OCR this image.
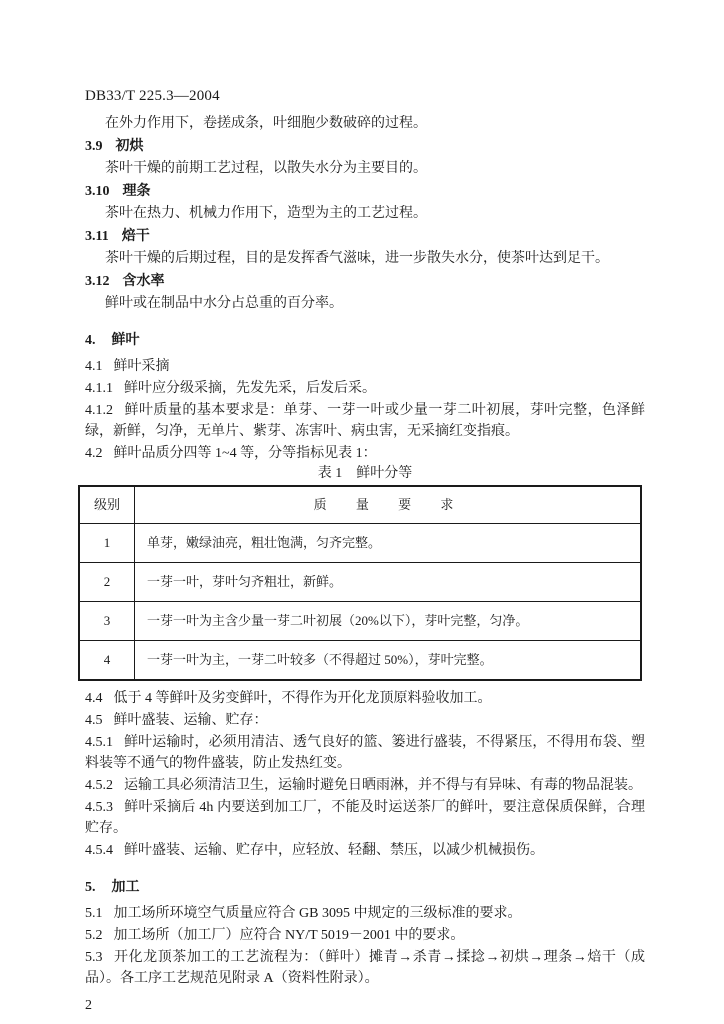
DB33/T 225.3—2004

在外力作用下，卷搓成条，叶细胞少数破碎的过程。

3.9 初烘

茶叶干燥的前期工艺过程，以散失水分为主要目的。

3.10 理条

茶叶在热力、机械力作用下，造型为主的工艺过程。

3.11 焙干

茶叶干燥的后期过程，目的是发挥香气滋味，进一步散失水分，使茶叶达到足干。

3.12 含水率

鲜叶或在制品中水分占总重的百分率。

4. 鲜叶

4.1 鲜叶采摘

4.1.1 鲜叶应分级采摘，先发先采，后发后采。

4.1.2 鲜叶质量的基本要求是：单芽、一芽一叶或少量一芽二叶初展，芽叶完整，色泽鲜绿，新鲜，匀净，无单片、紫芽、冻害叶、病虫害，无采摘红变指痕。

4.2 鲜叶品质分四等 1~4 等，分等指标见表 1：

表 1　鲜叶分等

级别	质 量 要 求
1	单芽，嫩绿油亮，粗壮饱满，匀齐完整。
2	一芽一叶，芽叶匀齐粗壮，新鲜。
3	一芽一叶为主含少量一芽二叶初展（20%以下），芽叶完整，匀净。
4	一芽一叶为主，一芽二叶较多（不得超过 50%），芽叶完整。

4.4 低于 4 等鲜叶及劣变鲜叶，不得作为开化龙顶原料验收加工。

4.5 鲜叶盛装、运输、贮存：

4.5.1 鲜叶运输时，必须用清洁、透气良好的篮、篓进行盛装，不得紧压，不得用布袋、塑料装等不通气的物件盛装，防止发热红变。

4.5.2 运输工具必须清洁卫生，运输时避免日晒雨淋，并不得与有异味、有毒的物品混装。

4.5.3 鲜叶采摘后 4h 内要送到加工厂，不能及时运送茶厂的鲜叶，要注意保质保鲜，合理贮存。

4.5.4 鲜叶盛装、运输、贮存中，应轻放、轻翻、禁压，以减少机械损伤。

5. 加工

5.1 加工场所环境空气质量应符合 GB 3095 中规定的三级标准的要求。

5.2 加工场所（加工厂）应符合 NY/T 5019－2001 中的要求。

5.3 开化龙顶茶加工的工艺流程为：（鲜叶）摊青→杀青→揉捻→初烘→理条→焙干（成品）。各工序工艺规范见附录 A（资料性附录）。

2
